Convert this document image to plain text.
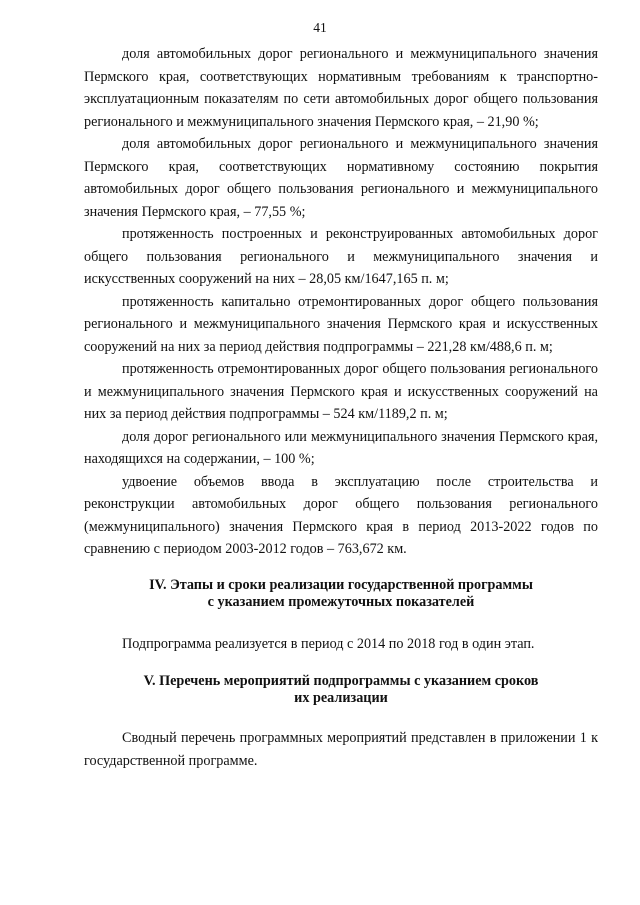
41

доля автомобильных дорог регионального и межмуниципального значения Пермского края, соответствующих нормативным требованиям к транспортно-эксплуатационным показателям по сети автомобильных дорог общего пользования регионального и межмуниципального значения Пермского края, – 21,90 %;

доля автомобильных дорог регионального и межмуниципального значения Пермского края, соответствующих нормативному состоянию покрытия автомобильных дорог общего пользования регионального и межмуниципального значения Пермского края, – 77,55 %;

протяженность построенных и реконструированных автомобильных дорог общего пользования регионального и межмуниципального значения и искусственных сооружений на них – 28,05 км/1647,165 п. м;

протяженность капитально отремонтированных дорог общего пользования регионального и межмуниципального значения Пермского края и искусственных сооружений на них за период действия подпрограммы – 221,28 км/488,6 п. м;

протяженность отремонтированных дорог общего пользования регионального и межмуниципального значения Пермского края и искусственных сооружений на них за период действия подпрограммы – 524 км/1189,2 п. м;

доля дорог регионального или межмуниципального значения Пермского края, находящихся на содержании, – 100 %;

удвоение объемов ввода в эксплуатацию после строительства и реконструкции автомобильных дорог общего пользования регионального (межмуниципального) значения Пермского края в период 2013-2022 годов по сравнению с периодом 2003-2012 годов – 763,672 км.

IV. Этапы и сроки реализации государственной программы
с указанием промежуточных показателей

Подпрограмма реализуется в период с 2014 по 2018 год в один этап.

V. Перечень мероприятий подпрограммы с указанием сроков
их реализации

Сводный перечень программных мероприятий представлен в приложении 1 к государственной программе.
